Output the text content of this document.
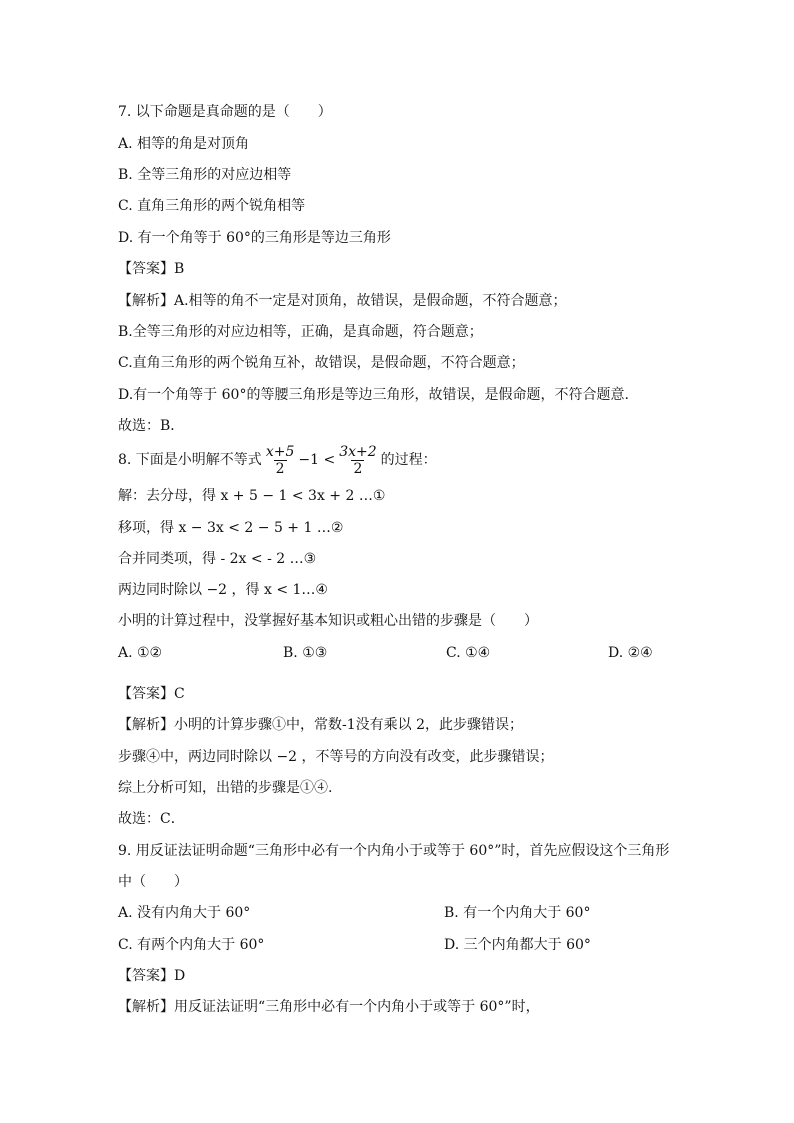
7. 以下命题是真命题的是（　　）
A. 相等的角是对顶角
B. 全等三角形的对应边相等
C. 直角三角形的两个锐角相等
D. 有一个角等于 60°的三角形是等边三角形
【答案】B
【解析】A.相等的角不一定是对顶角，故错误，是假命题，不符合题意；
B.全等三角形的对应边相等，正确，是真命题，符合题意；
C.直角三角形的两个锐角互补，故错误，是假命题，不符合题意；
D.有一个角等于 60°的等腰三角形是等边三角形，故错误，是假命题，不符合题意.
故选：B．
8. 下面是小明解不等式 $\frac{x+5}{2} -1 < \frac{3x+2}{2}$ 的过程：
解：去分母，得 x + 5 − 1 < 3x + 2 …①
移项，得 x − 3x < 2 − 5 + 1 …②
合并同类项，得 - 2x < - 2 …③
两边同时除以 −2 ，得 x < 1…④
小明的计算过程中，没掌握好基本知识或粗心出错的步骤是（　　）
A. ①②	B. ①③	C. ①④	D. ②④
【答案】C
【解析】小明的计算步骤①中，常数-1没有乘以 2，此步骤错误；
步骤④中，两边同时除以 −2 ，不等号的方向没有改变，此步骤错误；
综上分析可知，出错的步骤是①④.
故选：C．
9. 用反证法证明命题“三角形中必有一个内角小于或等于 60°”时，首先应假设这个三角形
中（　　）
A. 没有内角大于 60°	B. 有一个内角大于 60°
C. 有两个内角大于 60°	D. 三个内角都大于 60°
【答案】D
【解析】用反证法证明“三角形中必有一个内角小于或等于 60°”时，
